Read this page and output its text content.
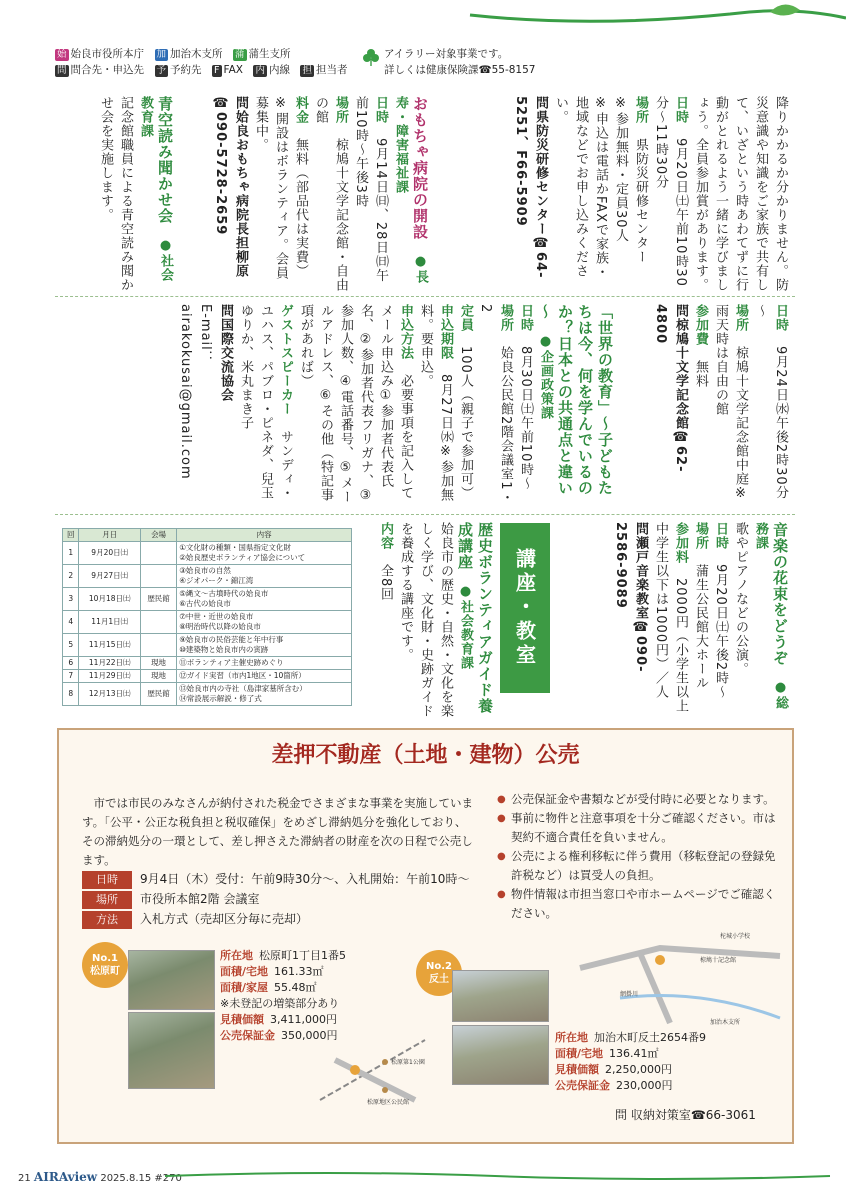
始 始良市役所本庁　加 加治木支所　蒲 蒲生支所　
問 問合先・申込先　予 予約先　F FAX　内 内線　担 担当者　
アイラリー対象事業です。
詳しくは健康保険課☎55-8157
降りかかるか分かりません。防災意識や知識をご家族で共有して、いざという時あわてずに行動がとれるよう一緒に学びましょう。全員参加賞があります。
日時　9月20日㈯午前10時30分～11時30分
場所　県防災研修センター
※参加無料・定員30人
※申込は電話かFAXで家族・地域などでお申し込みください。
問県防災研修センター☎64-5251、F66-5909
おもちゃ病院の開設　●長寿・障害福祉課
日時　9月14日㈰、28日㈰午前10時～午後3時
場所　椋鳩十文学記念館・自由の館
料金　無料（部品代は実費）
※開設はボランティア。会員募集中。
問姶良おもちゃ病院長担柳原☎090-5728-2659
青空読み聞かせ会　●社会教育課
記念館職員による青空読み聞かせ会を実施します。
日時　9月24日㈬午後2時30分～
場所　椋鳩十文学記念館中庭※雨天時は自由の館
参加費　無料
問椋鳩十文学記念館☎62-4800
「世界の教育」～子どもたちは今、何を学んでいるのか？日本との共通点と違い～　●企画政策課
日時　8月30日㈯午前10時～
場所　姶良公民館2階会議室1・2
定員　100人（親子で参加可）
申込期限　8月27日㈬※参加無料。要申込。
申込方法　必要事項を記入してメール申込み①参加者代表氏名、②参加者代表フリガナ、③参加人数、④電話番号、⑤メールアドレス、⑥その他（特記事項があれば）
ゲストスピーカー　サンディ・ユハス、パブロ・ピネダ、兒玉ゆりか、米丸まき子
問国際交流協会
E-mail：airakokusai@gmail.com
音楽の花束をどうぞ　●総務課
歌やピアノなどの公演。
日時　9月20日㈯午後2時～
場所　蒲生公民館大ホール
参加料　2000円（小学生以上中学生以下は1000円）／人
問瀬戸音楽教室☎090-2586-9089
講座・教室
歴史ボランティアガイド養成講座　●社会教育課
姶良市の歴史・自然・文化を楽しく学び、文化財・史跡ガイドを養成する講座です。
内容　全8回
回	月日	会場	内容
1	9月20日㈯		①文化財の種類・国県指定文化財
②姶良歴史ボランティア協会について
2	9月27日㈯		③姶良市の自然
④ジオパーク・錦江湾
3	10月18日㈯	歴民館	⑤縄文～古墳時代の姶良市
⑥古代の姶良市
4	11月1日㈯		⑦中世・近世の姶良市
⑧明治時代以降の姶良市
5	11月15日㈯		⑨姶良市の民俗芸能と年中行事
⑩建築物と姶良市内の寅跡
6	11月22日㈯	現地	⑪ボランティア主催史跡めぐり
7	11月29日㈯	現地	⑫ガイド実習（市内1地区・10箇所）
8	12月13日㈯	歴民館	⑬姶良市内の寺社（島津家墓所含む）
⑭常設展示解説・修了式
差押不動産（土地・建物）公売
市では市民のみなさんが納付された税金でさまざまな事業を実施しています。「公平・公正な税負担と税収確保」をめざし滞納処分を強化しており、その滞納処分の一環として、差し押さえた滞納者の財産を次の日程で公売します。
日時 9月4日（木）受付：午前9時30分～、入札開始：午前10時～
場所 市役所本館2階 会議室
方法 入札方式（売却区分毎に売却）
● 公売保証金や書類などが受付時に必要となります。
● 事前に物件と注意事項を十分ご確認ください。市は契約不適合責任を負いません。
● 公売による権利移転に伴う費用（移転登記の登録免許税など）は買受人の負担。
● 物件情報は市担当窓口や市ホームページでご確認ください。
No.1
松原町
所在地 松原町1丁目1番5
面積/宅地 161.33㎡
面積/家屋 55.48㎡
※未登記の増築部分あり
見積価額 3,411,000円
公売保証金 350,000円
松原第1公園
松原地区公民館
No.2
反土
柁城小学校
椋鳩十記念館
網掛川
加治木支所
所在地 加治木町反土2654番9
面積/宅地 136.41㎡
見積価額 2,250,000円
公売保証金 230,000円
問 収納対策室☎66-3061
21 AIRAview 2025.8.15 #270
